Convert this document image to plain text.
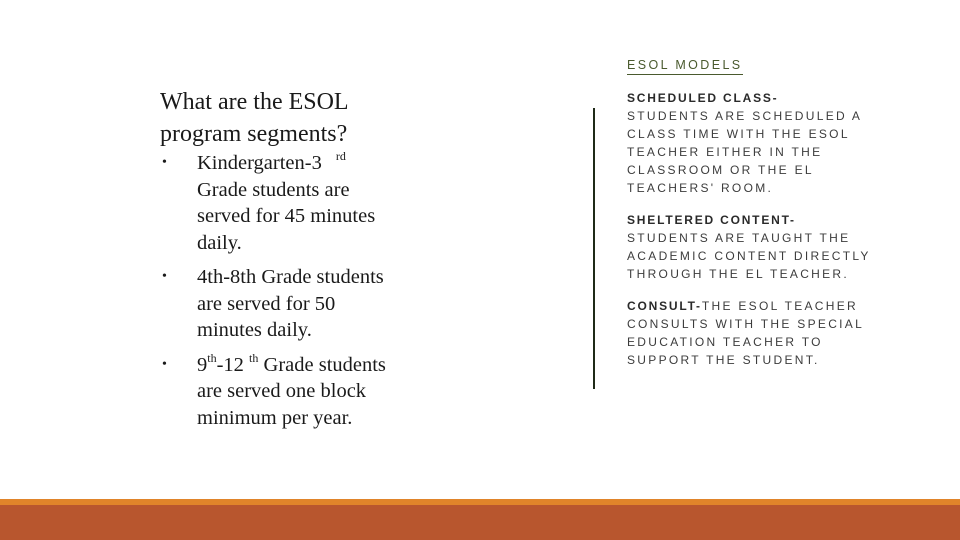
What are the ESOL program segments?
• Kindergarten-3 $^{rd}$ Grade students are served for 45 minutes daily.
• 4th-8th Grade students are served for 50 minutes daily.
• 9th-12 $^{th}$ Grade students are served one block minimum per year.
ESOL MODELS
SCHEDULED CLASS-
STUDENTS ARE SCHEDULED A CLASS TIME WITH THE ESOL TEACHER EITHER IN THE CLASSROOM OR THE EL TEACHERS' ROOM.
SHELTERED CONTENT-
STUDENTS ARE TAUGHT THE ACADEMIC CONTENT DIRECTLY THROUGH THE EL TEACHER.
CONSULT-THE ESOL TEACHER CONSULTS WITH THE SPECIAL EDUCATION TEACHER TO SUPPORT THE STUDENT.
